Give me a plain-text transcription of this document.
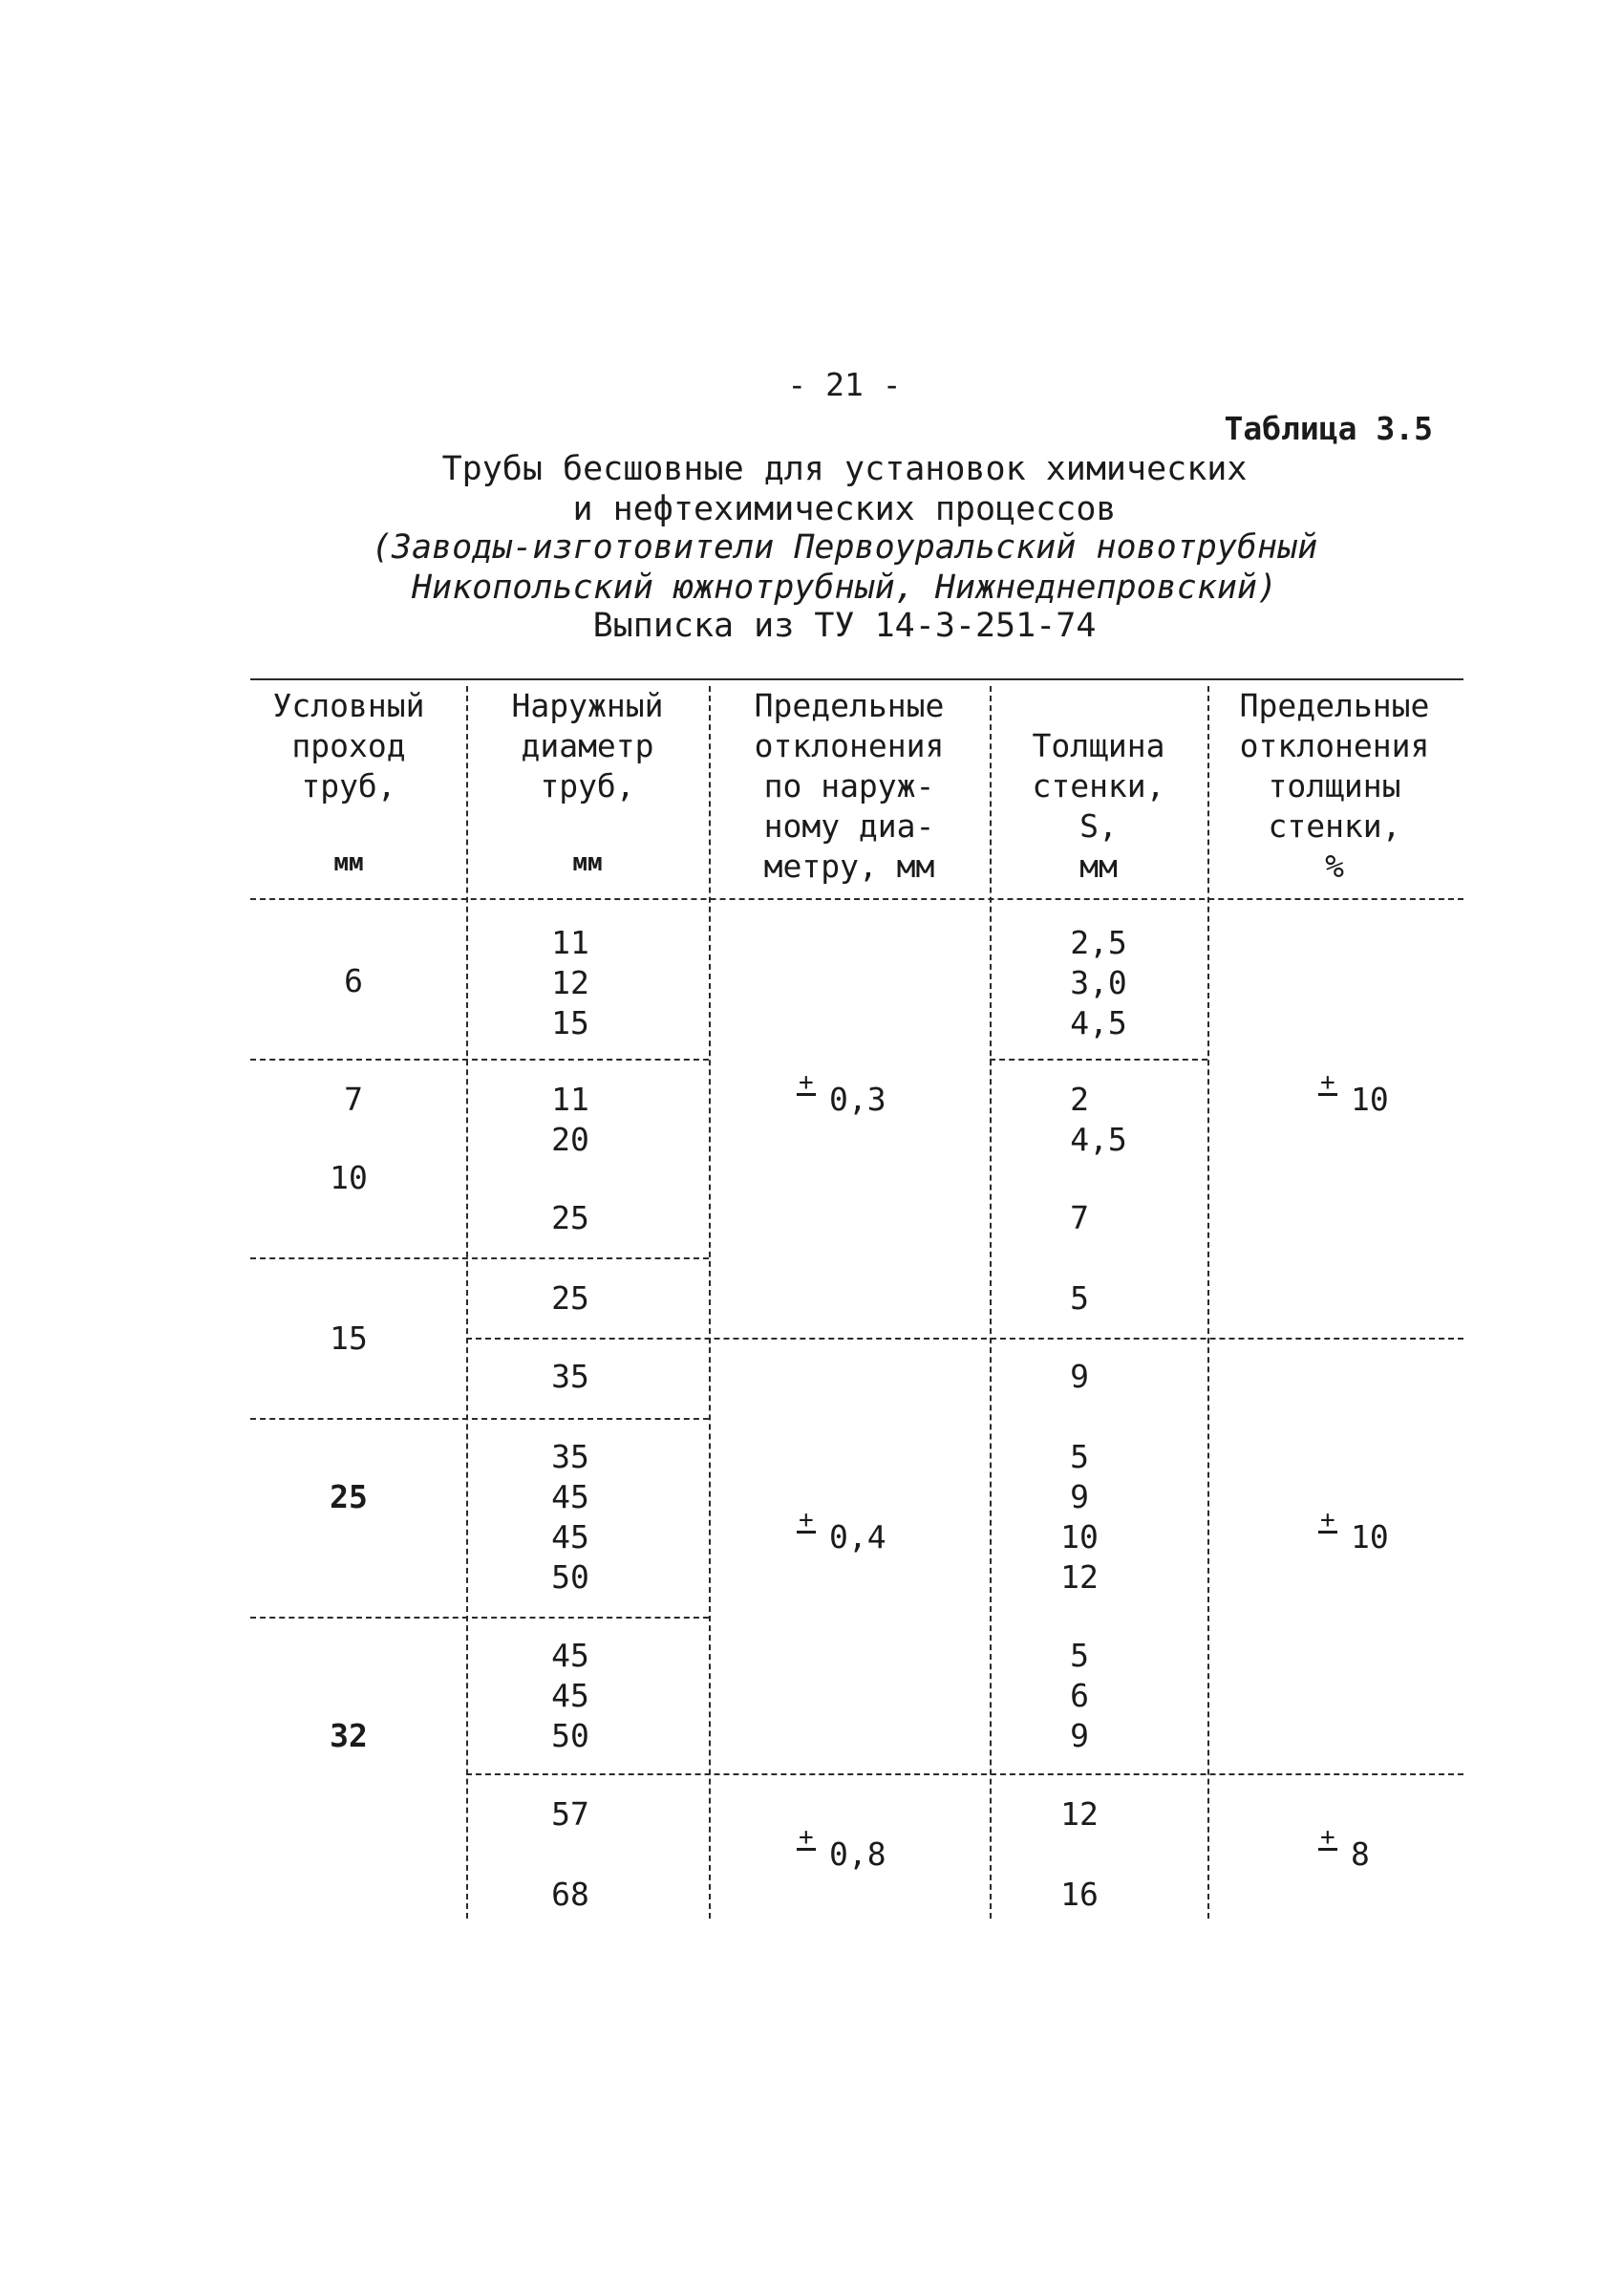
- 21 -
Таблица 3.5
Трубы бесшовные для установок химических
и нефтехимических процессов
(Заводы-изготовители Первоуральский новотрубный
Никопольский южнотрубный, Нижнеднепровский)
Выписка из ТУ 14-3-251-74
Условный
проход
труб,
мм
Наружный
диаметр
труб,
мм
Предельные
отклонения
по наруж-
ному диа-
метру, мм
Толщина
стенки,
S,
мм
Предельные
отклонения
толщины
стенки,
%
6
7
10
15
25
32
11
12
15
11
20
25
25
35
35
45
45
50
45
45
50
57
68
+ 0,3
+ 0,4
+ 0,8
2,5
3,0
4,5
2
4,5
7
5
9
5
9
10
12
5
6
9
12
16
+ 10
+ 10
+ 8
